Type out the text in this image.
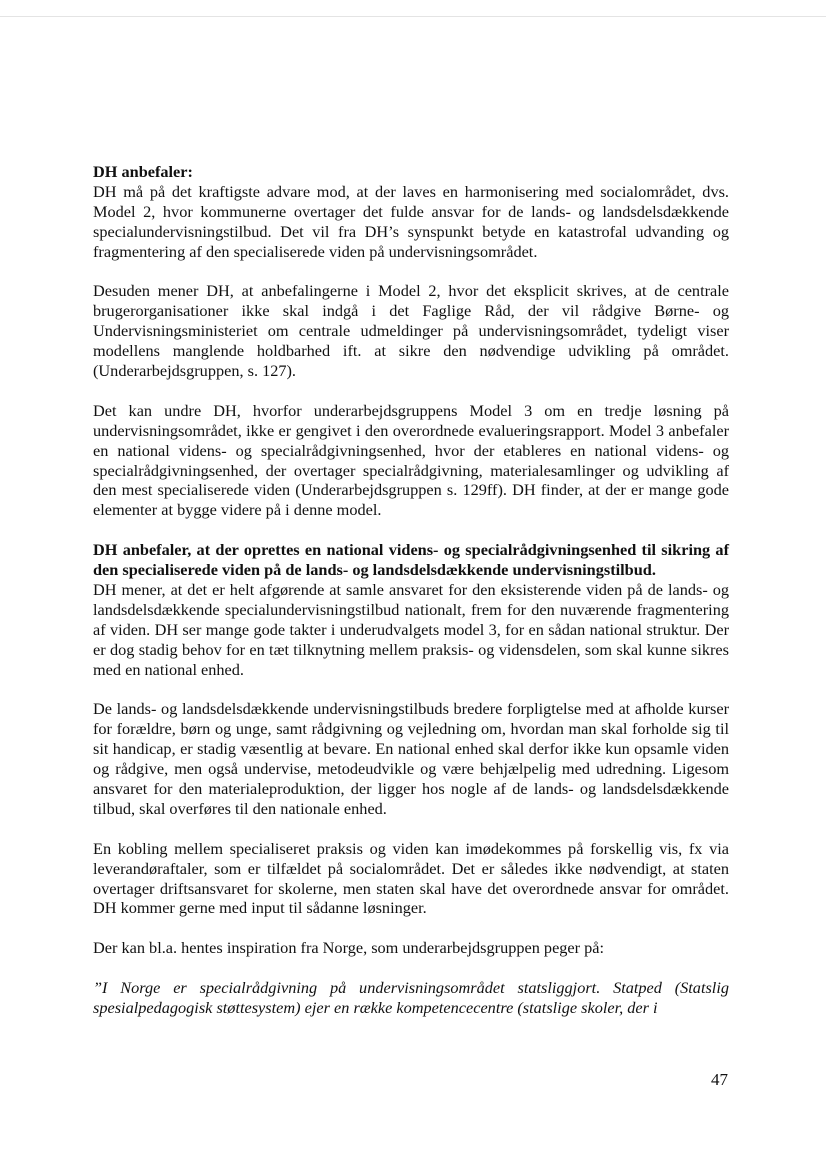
DH anbefaler:
DH må på det kraftigste advare mod, at der laves en harmonisering med socialområdet, dvs. Model 2, hvor kommunerne overtager det fulde ansvar for de lands- og landsdelsdækkende specialundervisningstilbud. Det vil fra DH’s synspunkt betyde en katastrofal udvanding og fragmentering af den specialiserede viden på undervisningsområdet.

Desuden mener DH, at anbefalingerne i Model 2, hvor det eksplicit skrives, at de centrale brugerorganisationer ikke skal indgå i det Faglige Råd, der vil rådgive Børne- og Undervisningsministeriet om centrale udmeldinger på undervisningsområdet, tydeligt viser modellens manglende holdbarhed ift. at sikre den nødvendige udvikling på området. (Underarbejdsgruppen, s. 127).

Det kan undre DH, hvorfor underarbejdsgruppens Model 3 om en tredje løsning på undervisningsområdet, ikke er gengivet i den overordnede evalueringsrapport. Model 3 anbefaler en national videns- og specialrådgivningsenhed, hvor der etableres en national videns- og specialrådgivningsenhed, der overtager specialrådgivning, materialesamlinger og udvikling af den mest specialiserede viden (Underarbejdsgruppen s. 129ff). DH finder, at der er mange gode elementer at bygge videre på i denne model.

DH anbefaler, at der oprettes en national videns- og specialrådgivningsenhed til sikring af den specialiserede viden på de lands- og landsdelsdækkende undervisningstilbud.
DH mener, at det er helt afgørende at samle ansvaret for den eksisterende viden på de lands- og landsdelsdækkende specialundervisningstilbud nationalt, frem for den nuværende fragmentering af viden. DH ser mange gode takter i underudvalgets model 3, for en sådan national struktur. Der er dog stadig behov for en tæt tilknytning mellem praksis- og vidensdelen, som skal kunne sikres med en national enhed.

De lands- og landsdelsdækkende undervisningstilbuds bredere forpligtelse med at afholde kurser for forældre, børn og unge, samt rådgivning og vejledning om, hvordan man skal forholde sig til sit handicap, er stadig væsentlig at bevare. En national enhed skal derfor ikke kun opsamle viden og rådgive, men også undervise, metodeudvikle og være behjælpelig med udredning. Ligesom ansvaret for den materialeproduktion, der ligger hos nogle af de lands- og landsdelsdækkende tilbud, skal overføres til den nationale enhed.

En kobling mellem specialiseret praksis og viden kan imødekommes på forskellig vis, fx via leverandøraftaler, som er tilfældet på socialområdet. Det er således ikke nødvendigt, at staten overtager driftsansvaret for skolerne, men staten skal have det overordnede ansvar for området. DH kommer gerne med input til sådanne løsninger.

Der kan bl.a. hentes inspiration fra Norge, som underarbejdsgruppen peger på:

”I Norge er specialrådgivning på undervisningsområdet statsliggjort. Statped (Statslig spesialpedagogisk støttesystem) ejer en række kompetencecentre (statslige skoler, der i

47
